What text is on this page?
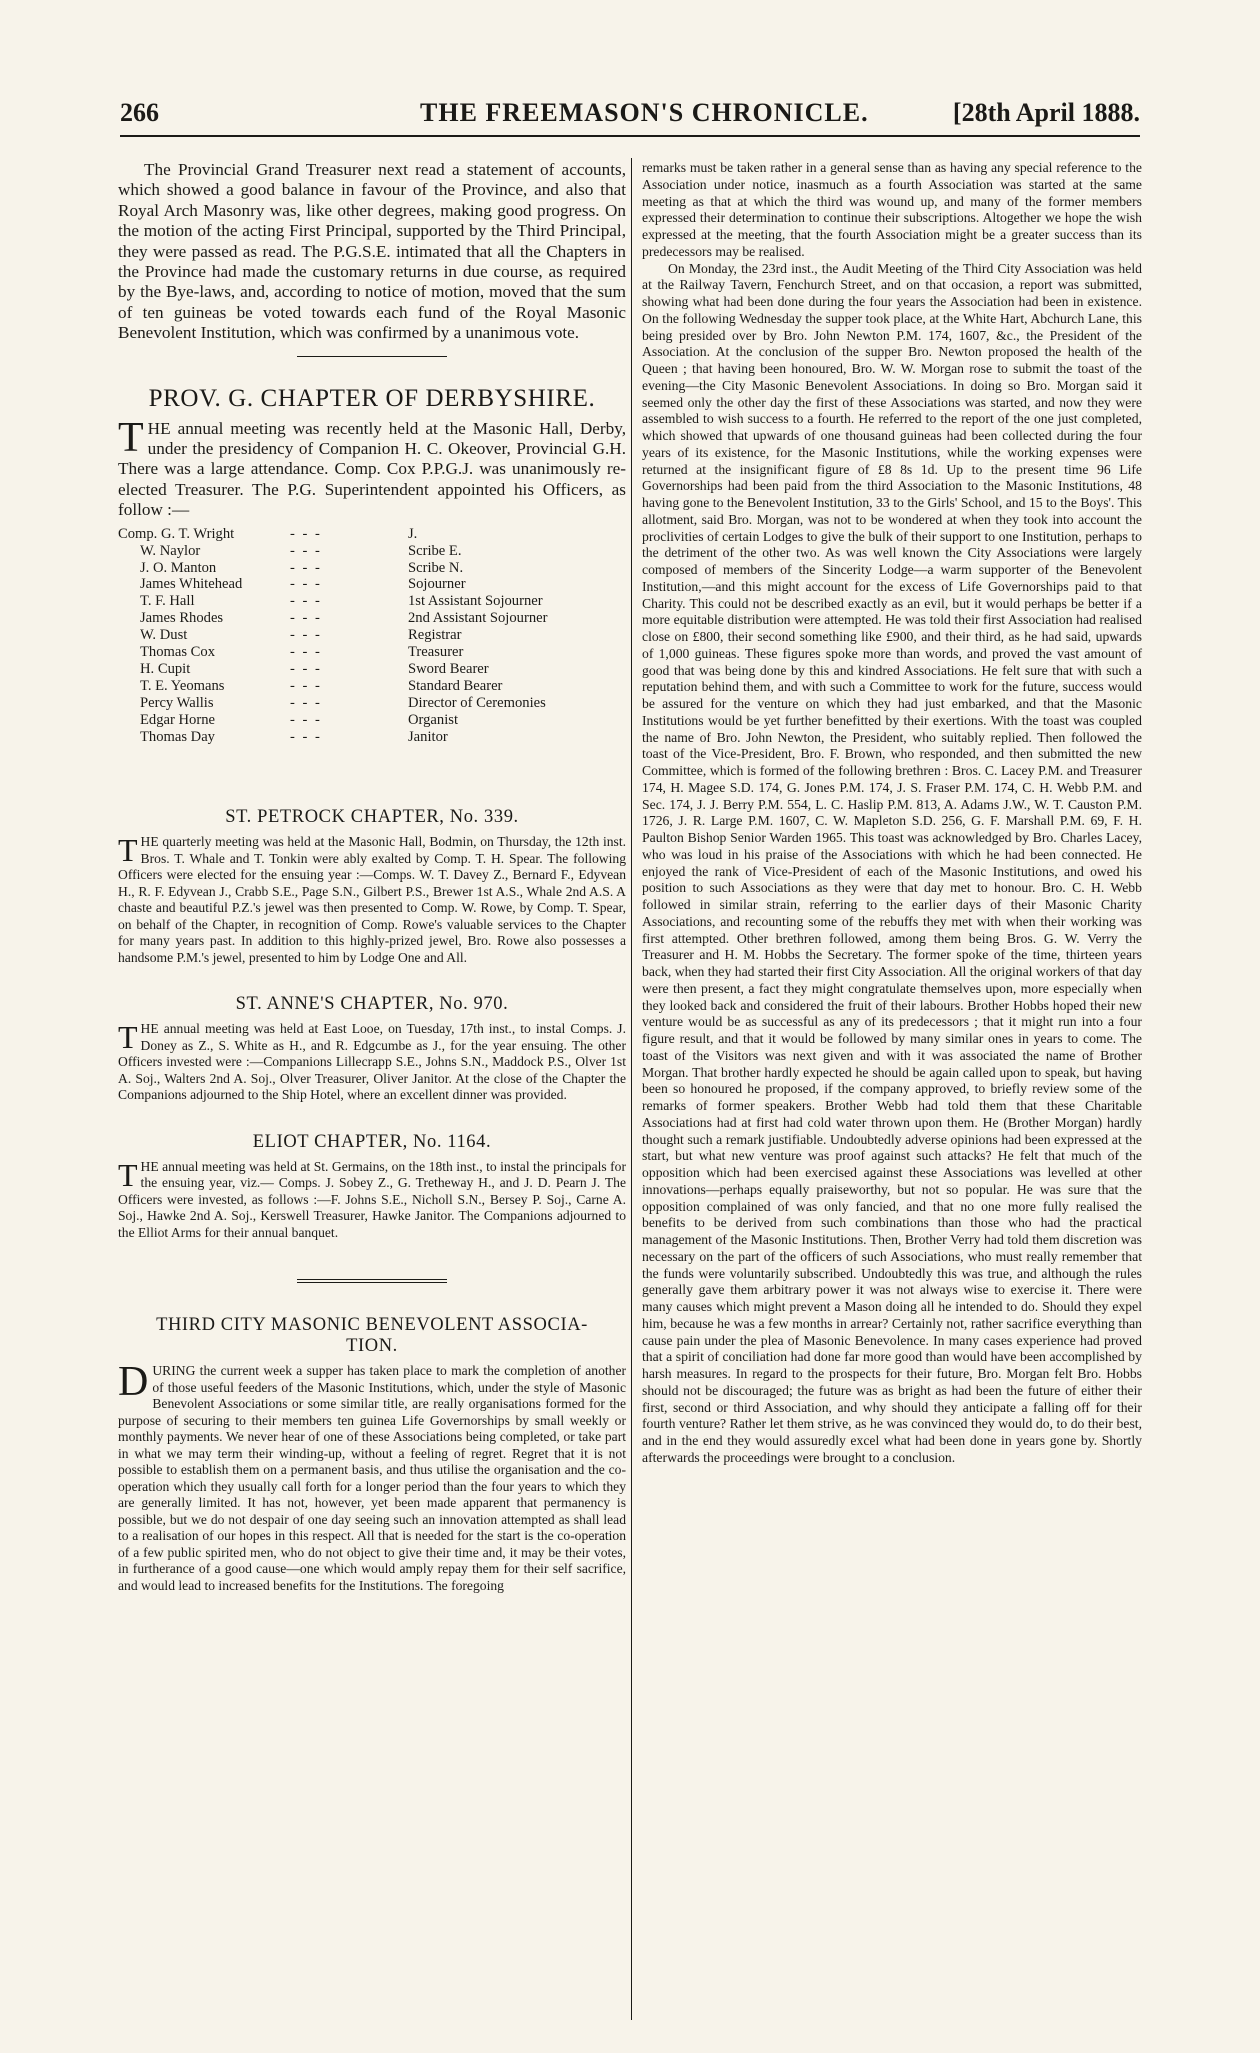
266	THE FREEMASON'S CHRONICLE.	[28th April 1888.

The Provincial Grand Treasurer next read a statement of accounts, which showed a good balance in favour of the Province, and also that Royal Arch Masonry was, like other degrees, making good progress. On the motion of the acting First Principal, supported by the Third Principal, they were passed as read. The P.G.S.E. intimated that all the Chapters in the Province had made the customary returns in due course, as required by the Bye-laws, and, according to notice of motion, moved that the sum of ten guineas be voted towards each fund of the Royal Masonic Benevolent Institution, which was confirmed by a unanimous vote.

PROV. G. CHAPTER OF DERBYSHIRE.

THE annual meeting was recently held at the Masonic Hall, Derby, under the presidency of Companion H. C. Okeover, Provincial G.H. There was a large attendance. Comp. Cox P.P.G.J. was unanimously re-elected Treasurer. The P.G. Superintendent appointed his Officers, as follow :—

Comp. G. T. Wright	- - -	J.
W. Naylor	- - -	Scribe E.
J. O. Manton	- - -	Scribe N.
James Whitehead	- - -	Sojourner
T. F. Hall	- - -	1st Assistant Sojourner
James Rhodes	- - -	2nd Assistant Sojourner
W. Dust	- - -	Registrar
Thomas Cox	- - -	Treasurer
H. Cupit	- - -	Sword Bearer
T. E. Yeomans	- - -	Standard Bearer
Percy Wallis	- - -	Director of Ceremonies
Edgar Horne	- - -	Organist
Thomas Day	- - -	Janitor
ST. PETROCK CHAPTER, No. 339.

THE quarterly meeting was held at the Masonic Hall, Bodmin, on Thursday, the 12th inst. Bros. T. Whale and T. Tonkin were ably exalted by Comp. T. H. Spear. The following Officers were elected for the ensuing year :—Comps. W. T. Davey Z., Bernard F., Edyvean H., R. F. Edyvean J., Crabb S.E., Page S.N., Gilbert P.S., Brewer 1st A.S., Whale 2nd A.S. A chaste and beautiful P.Z.'s jewel was then presented to Comp. W. Rowe, by Comp. T. Spear, on behalf of the Chapter, in recognition of Comp. Rowe's valuable services to the Chapter for many years past. In addition to this highly-prized jewel, Bro. Rowe also possesses a handsome P.M.'s jewel, presented to him by Lodge One and All.

ST. ANNE'S CHAPTER, No. 970.

THE annual meeting was held at East Looe, on Tuesday, 17th inst., to instal Comps. J. Doney as Z., S. White as H., and R. Edgcumbe as J., for the year ensuing. The other Officers invested were :—Companions Lillecrapp S.E., Johns S.N., Maddock P.S., Olver 1st A. Soj., Walters 2nd A. Soj., Olver Treasurer, Oliver Janitor. At the close of the Chapter the Companions adjourned to the Ship Hotel, where an excellent dinner was provided.

ELIOT CHAPTER, No. 1164.

THE annual meeting was held at St. Germains, on the 18th inst., to instal the principals for the ensuing year, viz.— Comps. J. Sobey Z., G. Tretheway H., and J. D. Pearn J. The Officers were invested, as follows :—F. Johns S.E., Nicholl S.N., Bersey P. Soj., Carne A. Soj., Hawke 2nd A. Soj., Kerswell Treasurer, Hawke Janitor. The Companions adjourned to the Elliot Arms for their annual banquet.

THIRD CITY MASONIC BENEVOLENT ASSOCIA-
TION.

DURING the current week a supper has taken place to mark the completion of another of those useful feeders of the Masonic Institutions, which, under the style of Masonic Benevolent Associations or some similar title, are really organisations formed for the purpose of securing to their members ten guinea Life Governorships by small weekly or monthly payments. We never hear of one of these Associations being completed, or take part in what we may term their winding-up, without a feeling of regret. Regret that it is not possible to establish them on a permanent basis, and thus utilise the organisation and the co-operation which they usually call forth for a longer period than the four years to which they are generally limited. It has not, however, yet been made apparent that permanency is possible, but we do not despair of one day seeing such an innovation attempted as shall lead to a realisation of our hopes in this respect. All that is needed for the start is the co-operation of a few public spirited men, who do not object to give their time and, it may be their votes, in furtherance of a good cause—one which would amply repay them for their self sacrifice, and would lead to increased benefits for the Institutions. The foregoing

remarks must be taken rather in a general sense than as having any special reference to the Association under notice, inasmuch as a fourth Association was started at the same meeting as that at which the third was wound up, and many of the former members expressed their determination to continue their subscriptions. Altogether we hope the wish expressed at the meeting, that the fourth Association might be a greater success than its predecessors may be realised.

On Monday, the 23rd inst., the Audit Meeting of the Third City Association was held at the Railway Tavern, Fenchurch Street, and on that occasion, a report was submitted, showing what had been done during the four years the Association had been in existence. On the following Wednesday the supper took place, at the White Hart, Abchurch Lane, this being presided over by Bro. John Newton P.M. 174, 1607, &c., the President of the Association. At the conclusion of the supper Bro. Newton proposed the health of the Queen ; that having been honoured, Bro. W. W. Morgan rose to submit the toast of the evening—the City Masonic Benevolent Associations. In doing so Bro. Morgan said it seemed only the other day the first of these Associations was started, and now they were assembled to wish success to a fourth. He referred to the report of the one just completed, which showed that upwards of one thousand guineas had been collected during the four years of its existence, for the Masonic Institutions, while the working expenses were returned at the insignificant figure of £8 8s 1d. Up to the present time 96 Life Governorships had been paid from the third Association to the Masonic Institutions, 48 having gone to the Benevolent Institution, 33 to the Girls' School, and 15 to the Boys'. This allotment, said Bro. Morgan, was not to be wondered at when they took into account the proclivities of certain Lodges to give the bulk of their support to one Institution, perhaps to the detriment of the other two. As was well known the City Associations were largely composed of members of the Sincerity Lodge—a warm supporter of the Benevolent Institution,—and this might account for the excess of Life Governorships paid to that Charity. This could not be described exactly as an evil, but it would perhaps be better if a more equitable distribution were attempted. He was told their first Association had realised close on £800, their second something like £900, and their third, as he had said, upwards of 1,000 guineas. These figures spoke more than words, and proved the vast amount of good that was being done by this and kindred Associations. He felt sure that with such a reputation behind them, and with such a Committee to work for the future, success would be assured for the venture on which they had just embarked, and that the Masonic Institutions would be yet further benefitted by their exertions. With the toast was coupled the name of Bro. John Newton, the President, who suitably replied. Then followed the toast of the Vice-President, Bro. F. Brown, who responded, and then submitted the new Committee, which is formed of the following brethren : Bros. C. Lacey P.M. and Treasurer 174, H. Magee S.D. 174, G. Jones P.M. 174, J. S. Fraser P.M. 174, C. H. Webb P.M. and Sec. 174, J. J. Berry P.M. 554, L. C. Haslip P.M. 813, A. Adams J.W., W. T. Causton P.M. 1726, J. R. Large P.M. 1607, C. W. Mapleton S.D. 256, G. F. Marshall P.M. 69, F. H. Paulton Bishop Senior Warden 1965. This toast was acknowledged by Bro. Charles Lacey, who was loud in his praise of the Associations with which he had been connected. He enjoyed the rank of Vice-President of each of the Masonic Institutions, and owed his position to such Associations as they were that day met to honour. Bro. C. H. Webb followed in similar strain, referring to the earlier days of their Masonic Charity Associations, and recounting some of the rebuffs they met with when their working was first attempted. Other brethren followed, among them being Bros. G. W. Verry the Treasurer and H. M. Hobbs the Secretary. The former spoke of the time, thirteen years back, when they had started their first City Association. All the original workers of that day were then present, a fact they might congratulate themselves upon, more especially when they looked back and considered the fruit of their labours. Brother Hobbs hoped their new venture would be as successful as any of its predecessors ; that it might run into a four figure result, and that it would be followed by many similar ones in years to come. The toast of the Visitors was next given and with it was associated the name of Brother Morgan. That brother hardly expected he should be again called upon to speak, but having been so honoured he proposed, if the company approved, to briefly review some of the remarks of former speakers. Brother Webb had told them that these Charitable Associations had at first had cold water thrown upon them. He (Brother Morgan) hardly thought such a remark justifiable. Undoubtedly adverse opinions had been expressed at the start, but what new venture was proof against such attacks? He felt that much of the opposition which had been exercised against these Associations was levelled at other innovations—perhaps equally praiseworthy, but not so popular. He was sure that the opposition complained of was only fancied, and that no one more fully realised the benefits to be derived from such combinations than those who had the practical management of the Masonic Institutions. Then, Brother Verry had told them discretion was necessary on the part of the officers of such Associations, who must really remember that the funds were voluntarily subscribed. Undoubtedly this was true, and although the rules generally gave them arbitrary power it was not always wise to exercise it. There were many causes which might prevent a Mason doing all he intended to do. Should they expel him, because he was a few months in arrear? Certainly not, rather sacrifice everything than cause pain under the plea of Masonic Benevolence. In many cases experience had proved that a spirit of conciliation had done far more good than would have been accomplished by harsh measures. In regard to the prospects for their future, Bro. Morgan felt Bro. Hobbs should not be discouraged; the future was as bright as had been the future of either their first, second or third Association, and why should they anticipate a falling off for their fourth venture? Rather let them strive, as he was convinced they would do, to do their best, and in the end they would assuredly excel what had been done in years gone by. Shortly afterwards the proceedings were brought to a conclusion.
